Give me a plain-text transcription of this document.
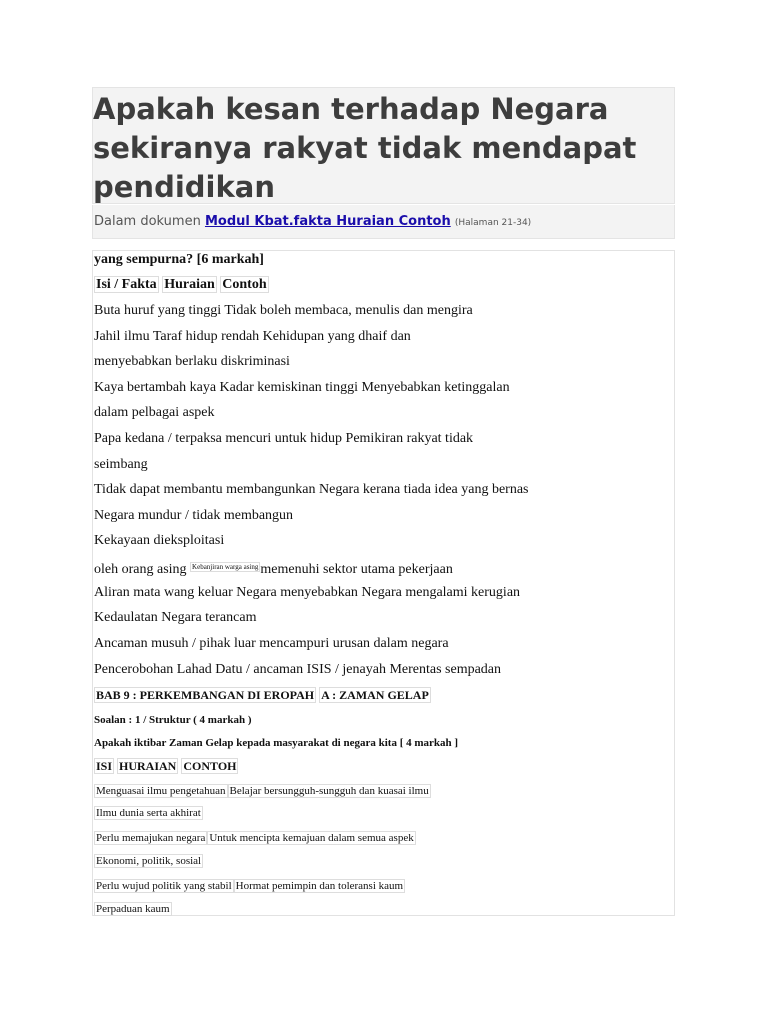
Apakah kesan terhadap Negara
sekiranya rakyat tidak mendapat
pendidikan
Dalam dokumen Modul Kbat.fakta Huraian Contoh (Halaman 21-34)
yang sempurna? [6 markah]
Isi / Fakta Huraian Contoh
Buta huruf yang tinggi Tidak boleh membaca, menulis dan mengira
Jahil ilmu Taraf hidup rendah Kehidupan yang dhaif dan
menyebabkan berlaku diskriminasi
Kaya bertambah kaya Kadar kemiskinan tinggi Menyebabkan ketinggalan
dalam pelbagai aspek
Papa kedana / terpaksa mencuri untuk hidup Pemikiran rakyat tidak
seimbang
Tidak dapat membantu membangunkan Negara kerana tiada idea yang bernas
Negara mundur / tidak membangun
Kekayaan dieksploitasi
oleh orang asing $^{Kebanjiran warga asing}$ memenuhi sektor utama pekerjaan
Aliran mata wang keluar Negara menyebabkan Negara mengalami kerugian
Kedaulatan Negara terancam
Ancaman musuh / pihak luar mencampuri urusan dalam negara
Pencerobohan Lahad Datu / ancaman ISIS / jenayah Merentas sempadan
BAB 9 : PERKEMBANGAN DI EROPAH A : ZAMAN GELAP
Soalan : 1 / Struktur ( 4 markah )
Apakah iktibar Zaman Gelap kepada masyarakat di negara kita [ 4 markah ]
ISI HURAIAN CONTOH
Menguasai ilmu pengetahuan Belajar bersungguh-sungguh dan kuasai ilmu
Ilmu dunia serta akhirat
Perlu memajukan negara Untuk mencipta kemajuan dalam semua aspek
Ekonomi, politik, sosial
Perlu wujud politik yang stabil Hormat pemimpin dan toleransi kaum
Perpaduan kaum
